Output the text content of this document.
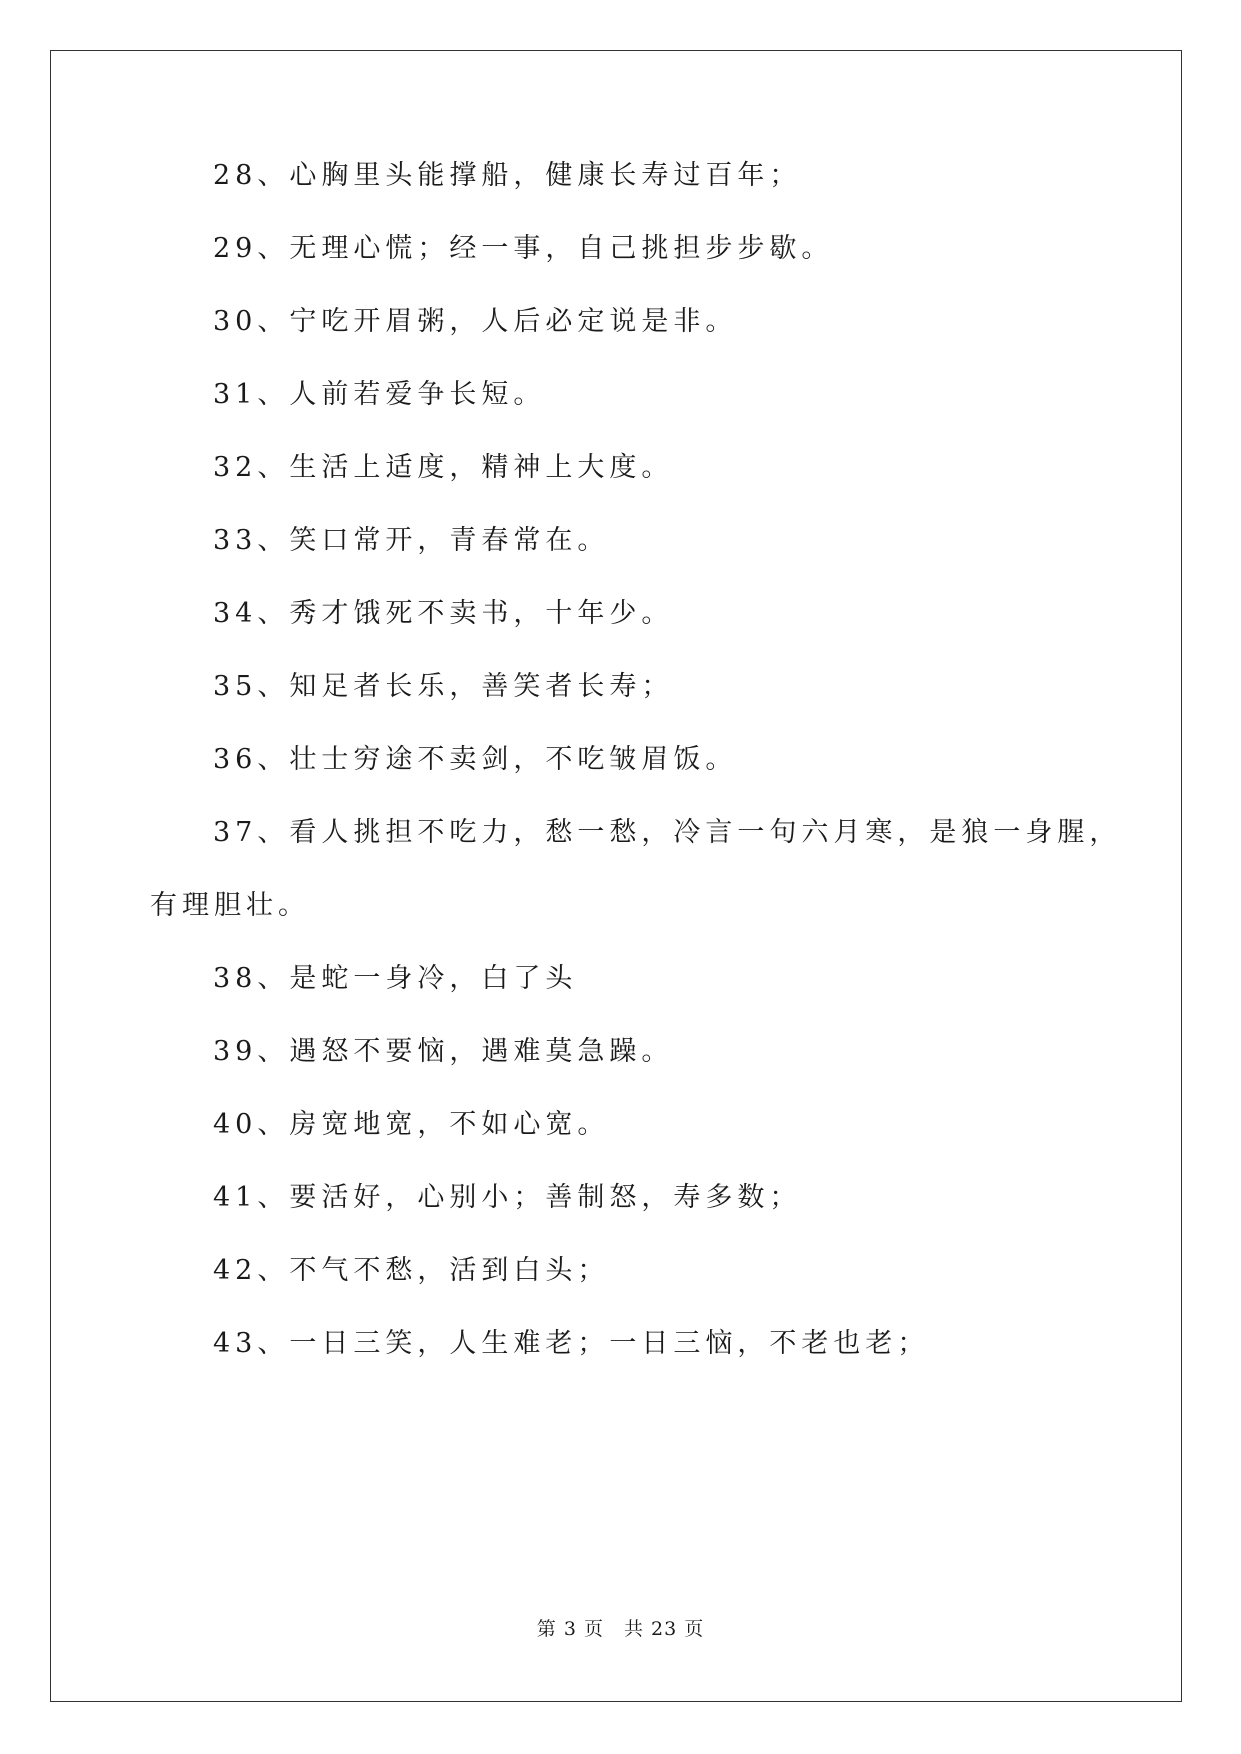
28、心胸里头能撑船，健康长寿过百年；
29、无理心慌；经一事，自己挑担步步歇。
30、宁吃开眉粥，人后必定说是非。
31、人前若爱争长短。
32、生活上适度，精神上大度。
33、笑口常开，青春常在。
34、秀才饿死不卖书，十年少。
35、知足者长乐，善笑者长寿；
36、壮士穷途不卖剑，不吃皱眉饭。
37、看人挑担不吃力，愁一愁，冷言一句六月寒，是狼一身腥，
有理胆壮。
38、是蛇一身冷，白了头
39、遇怒不要恼，遇难莫急躁。
40、房宽地宽，不如心宽。
41、要活好，心别小；善制怒，寿多数；
42、不气不愁，活到白头；
43、一日三笑，人生难老；一日三恼，不老也老；
第 3 页　共 23 页
